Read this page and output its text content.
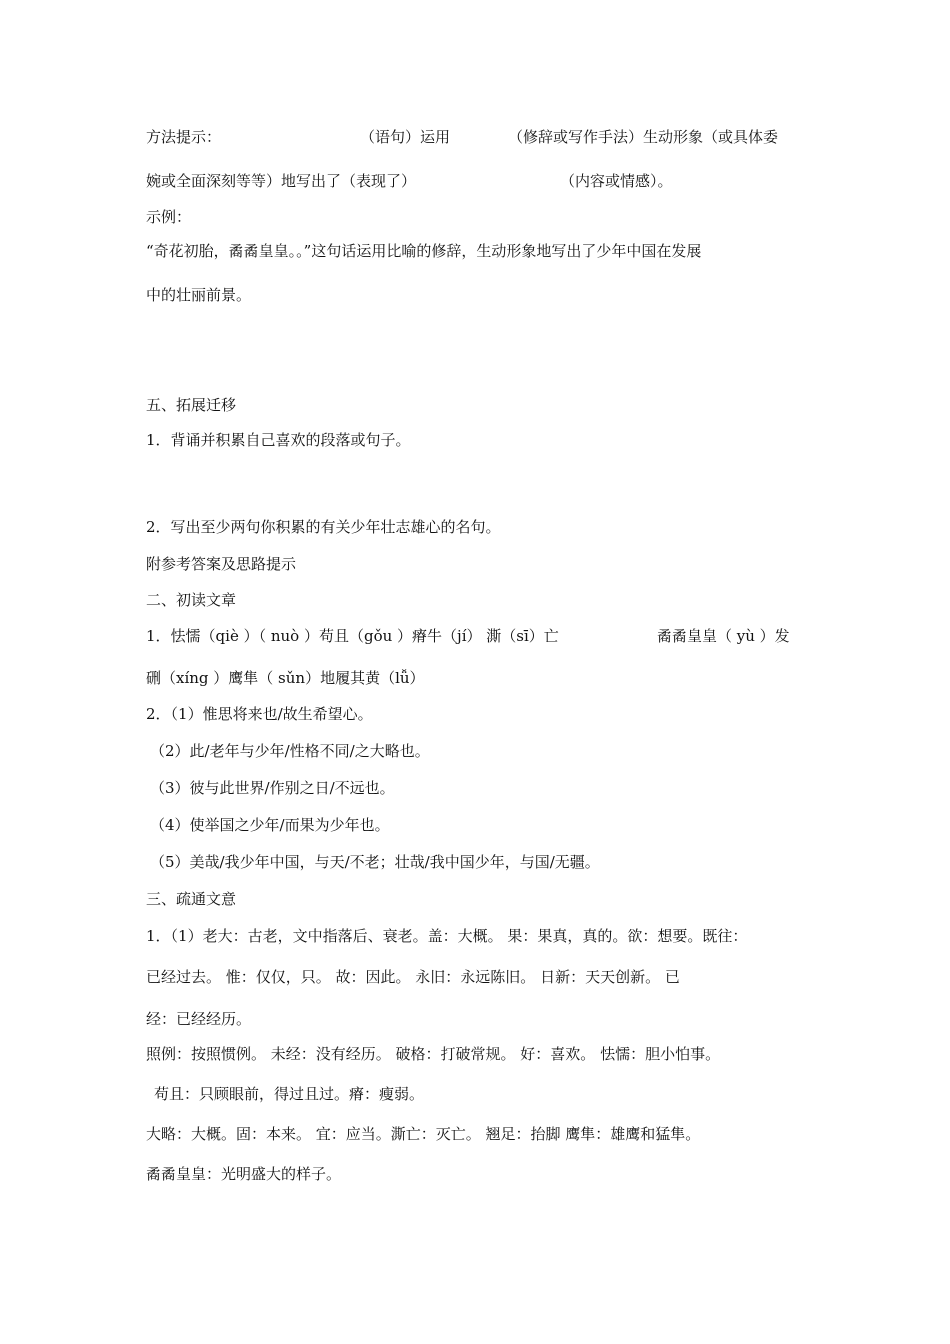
方法提示：	（语句）运用	（修辞或写作手法）生动形象（或具体委
婉或全面深刻等等）地写出了（表现了）	（内容或情感）。
示例：
“奇花初胎，矞矞皇皇。。”这句话运用比喻的修辞，生动形象地写出了少年中国在发展
中的壮丽前景。
五、拓展迁移
1．背诵并积累自己喜欢的段落或句子。
2．写出至少两句你积累的有关少年壮志雄心的名句。
附参考答案及思路提示
二、初读文章
1．怯懦（qiè ）（ nuò ）苟且（gǒu ）瘠牛（jí） 澌（sī）亡	矞矞皇皇（ yù ）发
硎（xíng ）鹰隼（ sǔn）地履其黄（lǚ）
2．（1）惟思将来也/故生希望心。
（2）此/老年与少年/性格不同/之大略也。
（3）彼与此世界/作别之日/不远也。
（4）使举国之少年/而果为少年也。
（5）美哉/我少年中国，与天/不老；壮哉/我中国少年，与国/无疆。
三、疏通文意
1．（1）老大：古老，文中指落后、衰老。盖：大概。 果：果真，真的。欲：想要。既往：
已经过去。 惟：仅仅，只。 故：因此。 永旧：永远陈旧。 日新：天天创新。 已
经：已经经历。
照例：按照惯例。 未经：没有经历。 破格：打破常规。 好：喜欢。 怯懦：胆小怕事。
苟且：只顾眼前，得过且过。瘠：瘦弱。
大略：大概。固：本来。 宜：应当。澌亡：灭亡。 翘足：抬脚 鹰隼：雄鹰和猛隼。
矞矞皇皇：光明盛大的样子。
